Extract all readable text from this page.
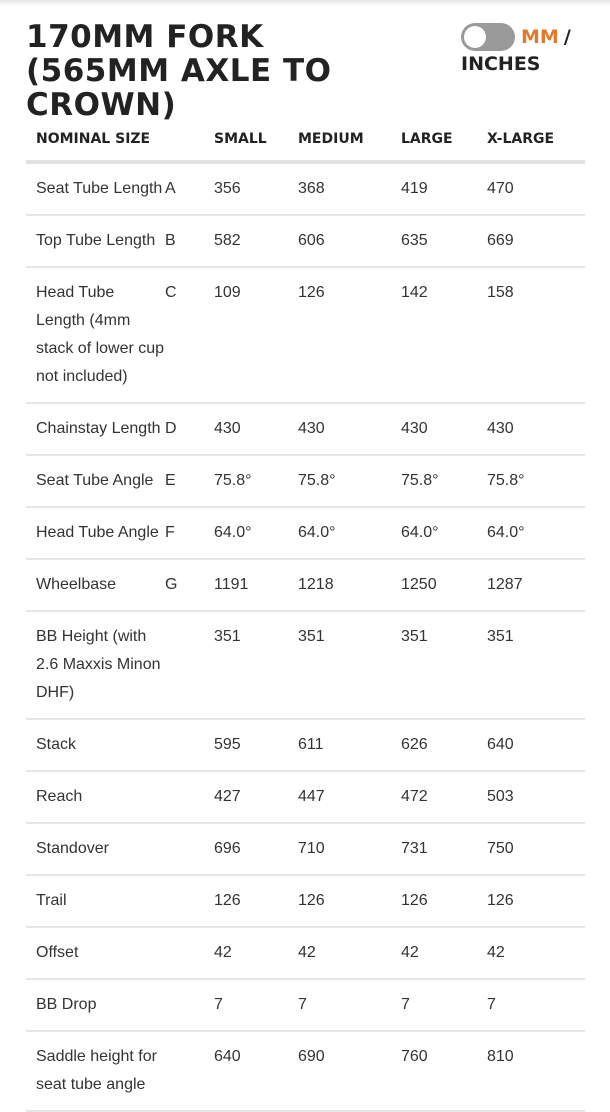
170MM FORK (565MM AXLE TO CROWN)
MM /
INCHES
NOMINAL SIZE		SMALL	MEDIUM	LARGE	X-LARGE
Seat Tube Length	A	356	368	419	470
Top Tube Length	B	582	606	635	669
Head Tube Length (4mm stack of lower cup not included)	C	109	126	142	158
Chainstay Length	D	430	430	430	430
Seat Tube Angle	E	75.8°	75.8°	75.8°	75.8°
Head Tube Angle	F	64.0°	64.0°	64.0°	64.0°
Wheelbase	G	1191	1218	1250	1287
BB Height (with 2.6 Maxxis Minon DHF)		351	351	351	351
Stack		595	611	626	640
Reach		427	447	472	503
Standover		696	710	731	750
Trail		126	126	126	126
Offset		42	42	42	42
BB Drop		7	7	7	7
Saddle height for seat tube angle		640	690	760	810
